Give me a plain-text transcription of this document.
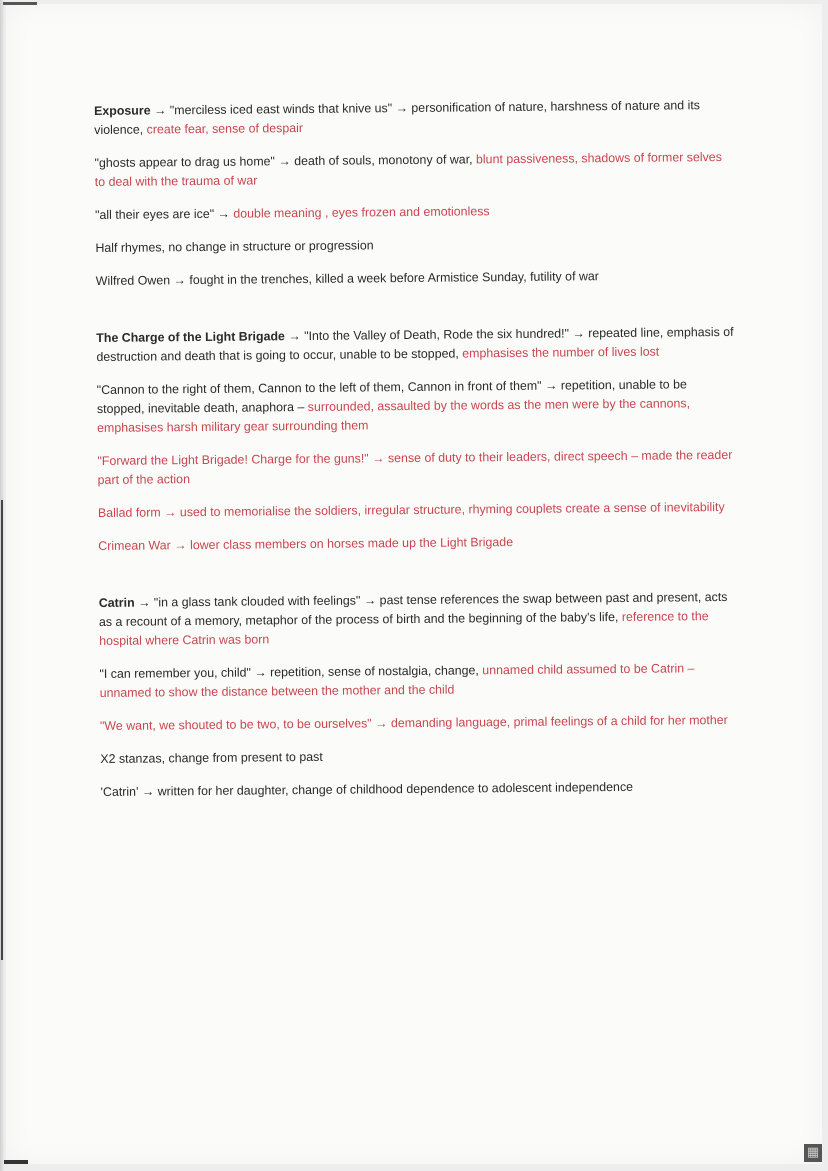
▦

Exposure → "merciless iced east winds that knive us" → personification of nature, harshness of nature and its violence, create fear, sense of despair

"ghosts appear to drag us home" → death of souls, monotony of war, blunt passiveness, shadows of former selves to deal with the trauma of war

"all their eyes are ice" → double meaning , eyes frozen and emotionless

Half rhymes, no change in structure or progression

Wilfred Owen → fought in the trenches, killed a week before Armistice Sunday, futility of war

The Charge of the Light Brigade → "Into the Valley of Death, Rode the six hundred!" → repeated line, emphasis of destruction and death that is going to occur, unable to be stopped, emphasises the number of lives lost

"Cannon to the right of them, Cannon to the left of them, Cannon in front of them" → repetition, unable to be stopped, inevitable death, anaphora – surrounded, assaulted by the words as the men were by the cannons, emphasises harsh military gear surrounding them

"Forward the Light Brigade! Charge for the guns!" → sense of duty to their leaders, direct speech – made the reader part of the action

Ballad form → used to memorialise the soldiers, irregular structure, rhyming couplets create a sense of inevitability

Crimean War → lower class members on horses made up the Light Brigade

Catrin → "in a glass tank clouded with feelings" → past tense references the swap between past and present, acts as a recount of a memory, metaphor of the process of birth and the beginning of the baby's life, reference to the hospital where Catrin was born

"I can remember you, child" → repetition, sense of nostalgia, change, unnamed child assumed to be Catrin – unnamed to show the distance between the mother and the child

"We want, we shouted to be two, to be ourselves" → demanding language, primal feelings of a child for her mother

X2 stanzas, change from present to past

'Catrin' → written for her daughter, change of childhood dependence to adolescent independence
